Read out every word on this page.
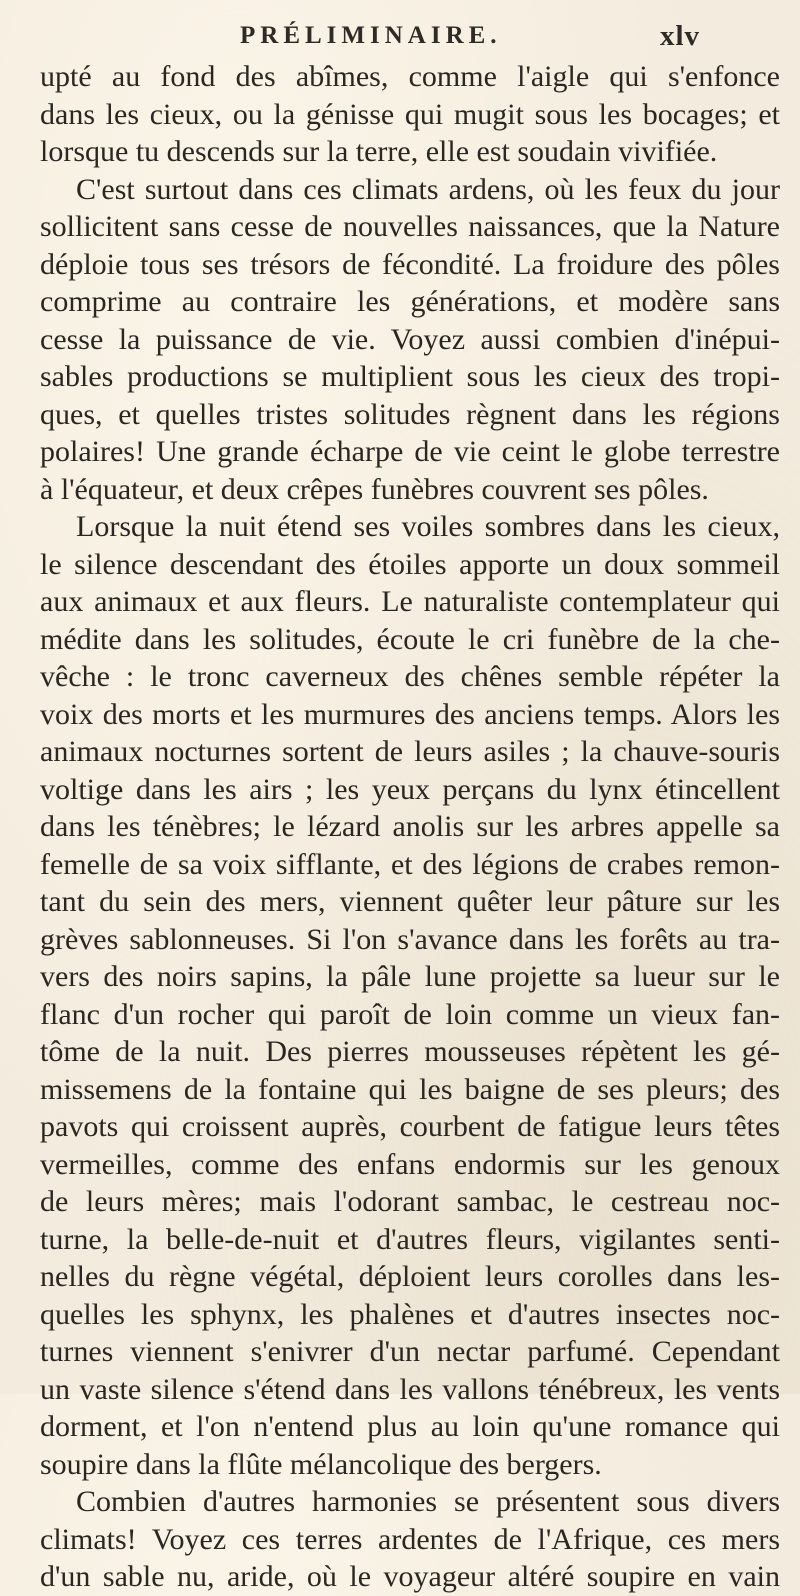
PRÉLIMINAIRE.	xlv
upté au fond des abîmes, comme l'aigle qui s'enfonce
dans les cieux, ou la génisse qui mugit sous les bocages; et
lorsque tu descends sur la terre, elle est soudain vivifiée.
C'est surtout dans ces climats ardens, où les feux du jour
sollicitent sans cesse de nouvelles naissances, que la Nature
déploie tous ses trésors de fécondité. La froidure des pôles
comprime au contraire les générations, et modère sans
cesse la puissance de vie. Voyez aussi combien d'inépui-
sables productions se multiplient sous les cieux des tropi-
ques, et quelles tristes solitudes règnent dans les régions
polaires! Une grande écharpe de vie ceint le globe terrestre
à l'équateur, et deux crêpes funèbres couvrent ses pôles.
Lorsque la nuit étend ses voiles sombres dans les cieux,
le silence descendant des étoiles apporte un doux sommeil
aux animaux et aux fleurs. Le naturaliste contemplateur qui
médite dans les solitudes, écoute le cri funèbre de la che-
vêche : le tronc caverneux des chênes semble répéter la
voix des morts et les murmures des anciens temps. Alors les
animaux nocturnes sortent de leurs asiles ; la chauve-souris
voltige dans les airs ; les yeux perçans du lynx étincellent
dans les ténèbres; le lézard anolis sur les arbres appelle sa
femelle de sa voix sifflante, et des légions de crabes remon-
tant du sein des mers, viennent quêter leur pâture sur les
grèves sablonneuses. Si l'on s'avance dans les forêts au tra-
vers des noirs sapins, la pâle lune projette sa lueur sur le
flanc d'un rocher qui paroît de loin comme un vieux fan-
tôme de la nuit. Des pierres mousseuses répètent les gé-
missemens de la fontaine qui les baigne de ses pleurs; des
pavots qui croissent auprès, courbent de fatigue leurs têtes
vermeilles, comme des enfans endormis sur les genoux
de leurs mères; mais l'odorant sambac, le cestreau noc-
turne, la belle-de-nuit et d'autres fleurs, vigilantes senti-
nelles du règne végétal, déploient leurs corolles dans les-
quelles les sphynx, les phalènes et d'autres insectes noc-
turnes viennent s'enivrer d'un nectar parfumé. Cependant
un vaste silence s'étend dans les vallons ténébreux, les vents
dorment, et l'on n'entend plus au loin qu'une romance qui
soupire dans la flûte mélancolique des bergers.
Combien d'autres harmonies se présentent sous divers
climats! Voyez ces terres ardentes de l'Afrique, ces mers
d'un sable nu, aride, où le voyageur altéré soupire en vain
